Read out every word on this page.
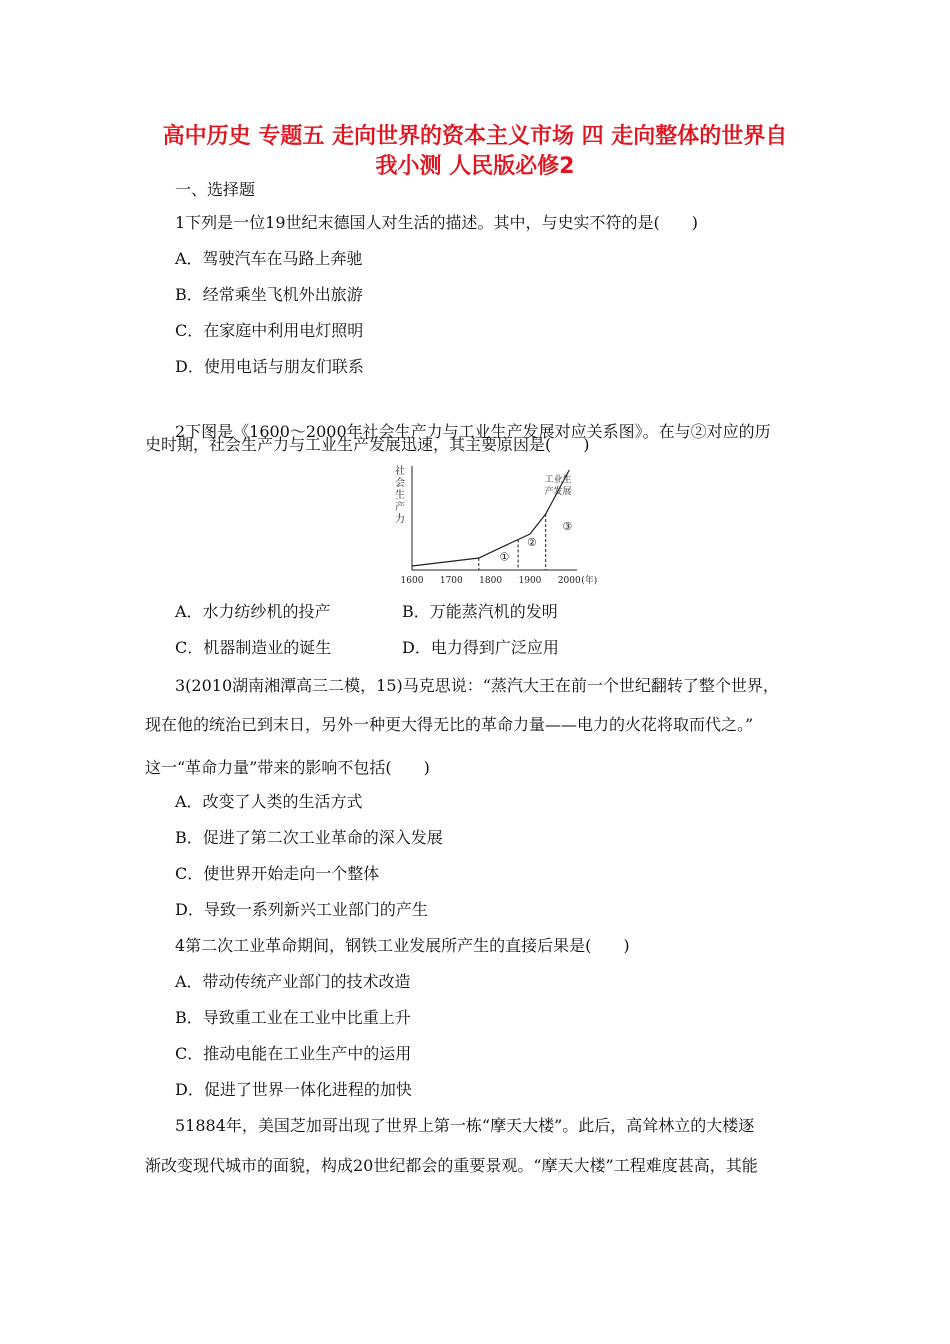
高中历史 专题五 走向世界的资本主义市场 四 走向整体的世界自
我小测 人民版必修2
一、选择题
1下列是一位19世纪末德国人对生活的描述。其中，与史实不符的是(　　)
A．驾驶汽车在马路上奔驰
B．经常乘坐飞机外出旅游
C．在家庭中利用电灯照明
D．使用电话与朋友们联系
2下图是《1600～2000年社会生产力与工业生产发展对应关系图》。在与②对应的历
史时期，社会生产力与工业生产发展迅速，其主要原因是(　　)
社会生产力
1600 1700 1800 1900 2000 (年)
①
②
③
工业生产发展
A．水力纺纱机的投产	B．万能蒸汽机的发明
C．机器制造业的诞生	D．电力得到广泛应用
3(2010湖南湘潭高三二模，15)马克思说：“蒸汽大王在前一个世纪翻转了整个世界，
现在他的统治已到末日，另外一种更大得无比的革命力量——电力的火花将取而代之。”
这一“革命力量”带来的影响不包括(　　)
A．改变了人类的生活方式
B．促进了第二次工业革命的深入发展
C．使世界开始走向一个整体
D．导致一系列新兴工业部门的产生
4第二次工业革命期间，钢铁工业发展所产生的直接后果是(　　)
A．带动传统产业部门的技术改造
B．导致重工业在工业中比重上升
C．推动电能在工业生产中的运用
D．促进了世界一体化进程的加快
51884年，美国芝加哥出现了世界上第一栋“摩天大楼”。此后，高耸林立的大楼逐
渐改变现代城市的面貌，构成20世纪都会的重要景观。“摩天大楼”工程难度甚高，其能
